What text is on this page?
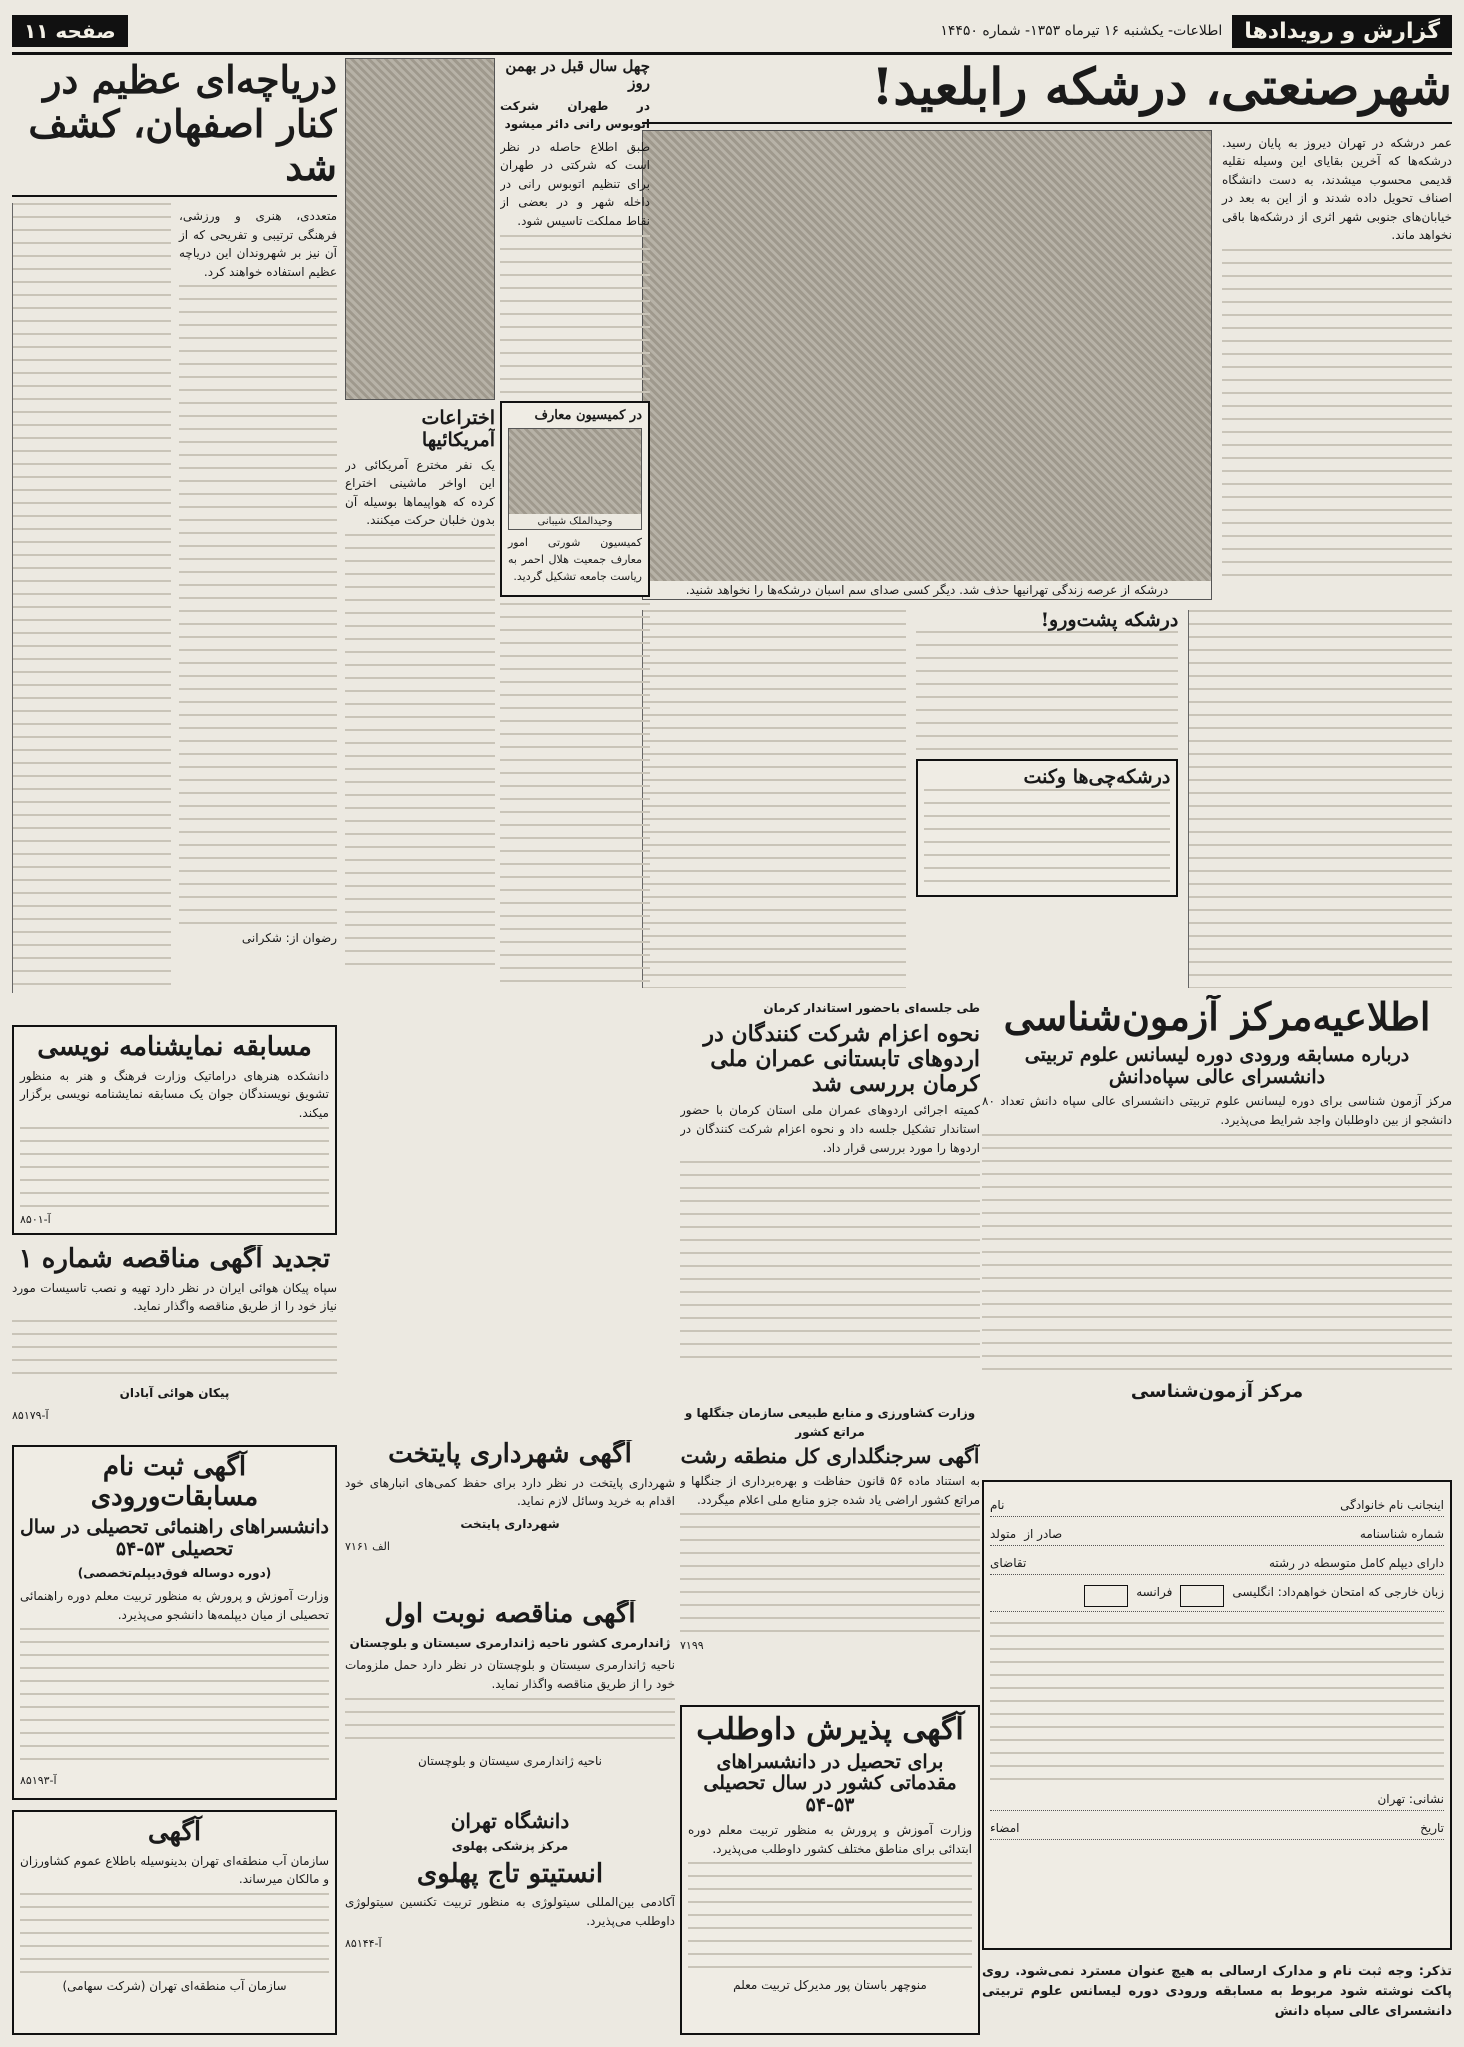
گزارش و رویدادها
اطلاعات- یکشنبه ۱۶ تیرماه ۱۳۵۳- شماره ۱۴۴۵۰
صفحه ۱۱
شهرصنعتی، درشکه رابلعید!

عمر درشکه در تهران دیروز به پایان رسید. درشکه‌ها که آخرین بقایای این وسیله نقلیه قدیمی محسوب میشدند، به دست دانشگاه اصناف تحویل داده شدند و از این به بعد در خیابان‌های جنوبی شهر اثری از درشکه‌ها باقی نخواهد ماند.

درشکه از عرصه زندگی تهرانیها حذف شد. دیگر کسی صدای سم اسبان درشکه‌ها را نخواهد شنید.
درشکه پشت‌ورو!
درشکه‌چی‌ها وکنت
چهل سال قبل در بهمن روز

در طهران شرکت اتوبوس رانی دائر میشود

طبق اطلاع حاصله در نظر است که شرکتی در طهران برای تنظیم اتوبوس رانی در داخله شهر و در بعضی از نقاط مملکت تاسیس شود.

در کمیسیون معارف
وحیدالملک شیبانی

کمیسیون شورتی امور معارف جمعیت هلال احمر به ریاست جامعه تشکیل گردید.

اختراعات آمریکائیها

یک نفر مخترع آمریکائی در این اواخر ماشینی اختراع کرده که هواپیماها بوسیله آن بدون خلبان حرکت میکنند.

دریاچه‌ای عظیم در کنار اصفهان، کشف شد

متعددی، هنری و ورزشی، فرهنگی ترتیبی و تفریحی که از آن نیز بر شهروندان این دریاچه عظیم استفاده خواهند کرد.

رضوان از: شکرانی

مسابقه نمایشنامه نویسی

دانشکده هنرهای دراماتیک وزارت فرهنگ و هنر به منظور تشویق نویسندگان جوان یک مسابقه نمایشنامه نویسی برگزار میکند.

آ-۸۵۰۱
تجدید آگهی مناقصه شماره ۱

سپاه پیکان هوائی ایران در نظر دارد تهیه و نصب تاسیسات مورد نیاز خود را از طریق مناقصه واگذار نماید.

پیکان هوائی آبادان

آ-۸۵۱۷۹
آگهی ثبت نام مسابقات‌ورودی
دانشسراهای راهنمائی تحصیلی در سال تحصیلی ۵۳-۵۴

(دوره دوساله فوق‌دیپلم‌تخصصی)

وزارت آموزش و پرورش به منظور تربیت معلم دوره راهنمائی تحصیلی از میان دیپلمه‌ها دانشجو می‌پذیرد.

آ-۸۵۱۹۳
آگهی

سازمان آب منطقه‌ای تهران بدینوسیله باطلاع عموم کشاورزان و مالکان میرساند.

سازمان آب منطقه‌ای تهران (شرکت سهامی)

آگهی شهرداری پایتخت

شهرداری پایتخت در نظر دارد برای حفظ کمی‌های انبارهای خود اقدام به خرید وسائل لازم نماید.

شهرداری پایتخت

الف ۷۱۶۱
آگهی مناقصه نوبت اول

ژاندارمری کشور ناحیه ژاندارمری سیستان و بلوچستان

ناحیه ژاندارمری سیستان و بلوچستان در نظر دارد حمل ملزومات خود را از طریق مناقصه واگذار نماید.

ناحیه ژاندارمری سیستان و بلوچستان

دانشگاه تهران

مرکز پزشکی پهلوی

انستیتو تاج پهلوی

آکادمی بین‌المللی سیتولوژی به منظور تربیت تکنسین سیتولوژی داوطلب می‌پذیرد.

آ-۸۵۱۴۴

طی جلسه‌ای باحضور استاندار کرمان

نحوه اعزام شرکت کنندگان در اردوهای تابستانی عمران ملی کرمان بررسی شد

کمیته اجرائی اردوهای عمران ملی استان کرمان با حضور استاندار تشکیل جلسه داد و نحوه اعزام شرکت کنندگان در اردوها را مورد بررسی قرار داد.

وزارت کشاورزی و منابع طبیعی سازمان جنگلها و مراتع کشور

آگهی سرجنگلداری کل منطقه رشت

به استناد ماده ۵۶ قانون حفاظت و بهره‌برداری از جنگلها و مراتع کشور اراضی یاد شده جزو منابع ملی اعلام میگردد.

۷۱۹۹
آگهی پذیرش داوطلب
برای تحصیل در دانشسراهای مقدماتی کشور در سال تحصیلی ۵۳-۵۴

وزارت آموزش و پرورش به منظور تربیت معلم دوره ابتدائی برای مناطق مختلف کشور داوطلب می‌پذیرد.

منوچهر باستان پور مدیرکل تربیت معلم

اطلاعیه‌مرکز آزمون‌شناسی
درباره مسابقه ورودی دوره لیسانس علوم تربیتی دانشسرای عالی سپاه‌دانش

مرکز آزمون شناسی برای دوره لیسانس علوم تربیتی دانشسرای عالی سپاه دانش تعداد ۸۰ دانشجو از بین داوطلبان واجد شرایط می‌پذیرد.

مرکز آزمون‌شناسی

اینجانب نام خانوادگی
نام
شماره شناسنامه
صادر از
متولد
دارای دیپلم کامل متوسطه در رشته
تقاضای
زبان خارجی که امتحان خواهم‌داد: انگلیسی
فرانسه
نشانی: تهران
تاریخ
امضاء

تذکر: وجه ثبت نام و مدارک ارسالی به هیچ عنوان مسترد نمی‌شود. روی پاکت نوشته شود مربوط به مسابقه ورودی دوره لیسانس علوم تربیتی دانشسرای عالی سپاه دانش
